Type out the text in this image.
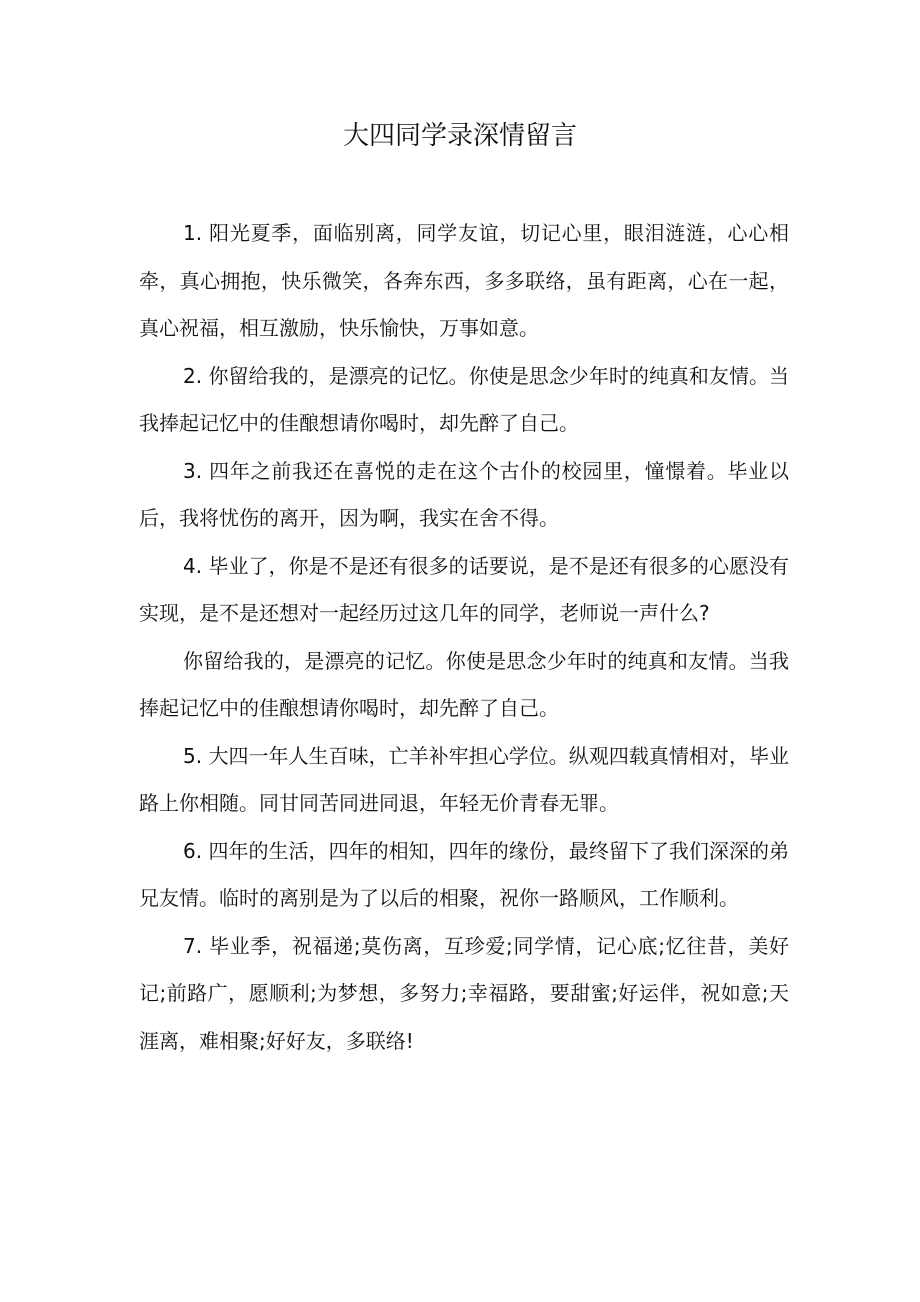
大四同学录深情留言

1. 阳光夏季，面临别离，同学友谊，切记心里，眼泪涟涟，心心相牵，真心拥抱，快乐微笑，各奔东西，多多联络，虽有距离，心在一起，真心祝福，相互激励，快乐愉快，万事如意。

2. 你留给我的，是漂亮的记忆。你使是思念少年时的纯真和友情。当我捧起记忆中的佳酿想请你喝时，却先醉了自己。

3. 四年之前我还在喜悦的走在这个古仆的校园里，憧憬着。毕业以后，我将忧伤的离开，因为啊，我实在舍不得。

4. 毕业了，你是不是还有很多的话要说，是不是还有很多的心愿没有实现，是不是还想对一起经历过这几年的同学，老师说一声什么?

你留给我的，是漂亮的记忆。你使是思念少年时的纯真和友情。当我捧起记忆中的佳酿想请你喝时，却先醉了自己。

5. 大四一年人生百味，亡羊补牢担心学位。纵观四载真情相对，毕业路上你相随。同甘同苦同进同退，年轻无价青春无罪。

6. 四年的生活，四年的相知，四年的缘份，最终留下了我们深深的弟兄友情。临时的离别是为了以后的相聚，祝你一路顺风，工作顺利。

7. 毕业季，祝福递;莫伤离，互珍爱;同学情，记心底;忆往昔，美好记;前路广，愿顺利;为梦想，多努力;幸福路，要甜蜜;好运伴，祝如意;天涯离，难相聚;好好友，多联络!
